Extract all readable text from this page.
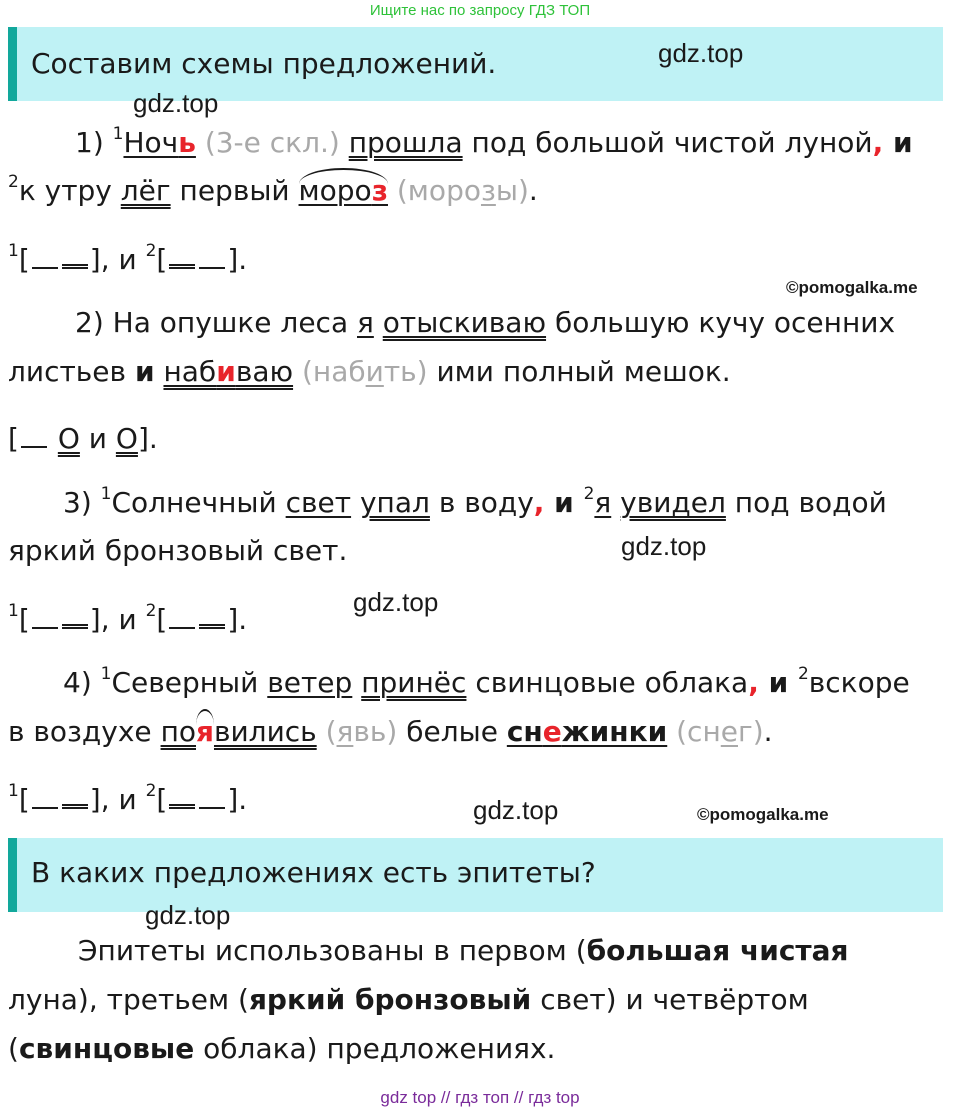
Ищите нас по запросу ГДЗ ТОП
Составим схемы предложений.	gdz.top
gdz.top
1) $^1$Ночь (3-е скл.) прошла под большой чистой луной, и
$^2$к утру лёг первый мороз (морозы).
$^1$[ ], и $^2$[ ].
©pomogalka.me
2) На опушке леса я отыскиваю большую кучу осенних
листьев и набиваю (набить) ими полный мешок.
[ О и О].
3) $^1$Солнечный свет упал в воду, и $^2$я увидел под водой
яркий бронзовый свет.	gdz.top
gdz.top
$^1$[ ], и $^2$[ ].
4) $^1$Северный ветер принёс свинцовые облака, и $^2$вскоре
в воздухе появились (явь) белые снежинки (снег).
$^1$[ ], и $^2$[ ].	gdz.top	©pomogalka.me
В каких предложениях есть эпитеты?
gdz.top
Эпитеты использованы в первом (большая чистая
луна), третьем (яркий бронзовый свет) и четвёртом
(свинцовые облака) предложениях.
gdz top // гдз топ // гдз top
